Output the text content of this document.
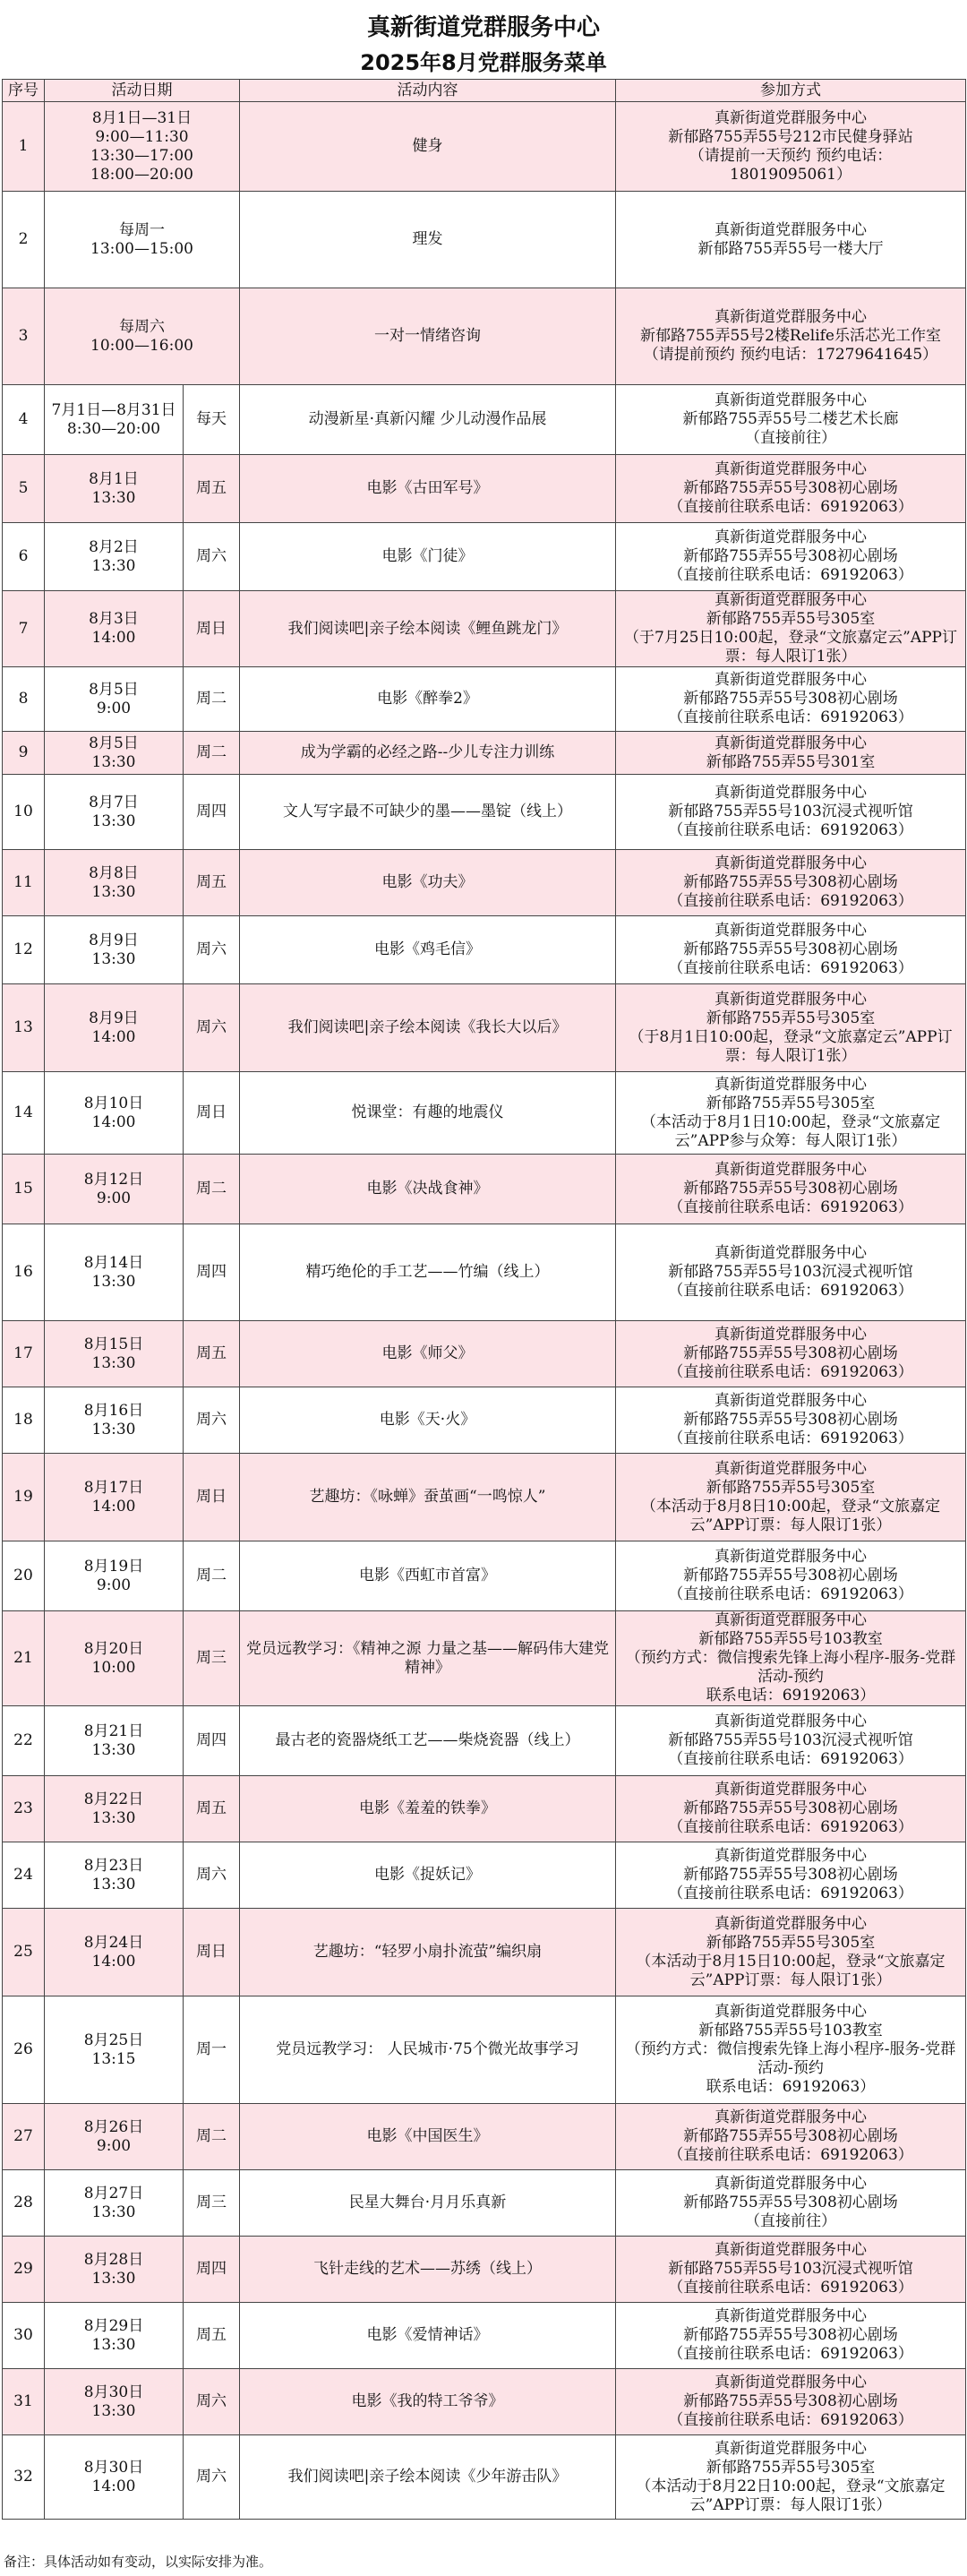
真新街道党群服务中心
2025年8月党群服务菜单
序号	活动日期		活动内容	参加方式
1	8月1日—31日
9:00—11:30
13:30—17:00
18:00—20:00		健身	真新街道党群服务中心
新郁路755弄55号212市民健身驿站
（请提前一天预约 预约电话：
18019095061）
2	每周一
13:00—15:00		理发	真新街道党群服务中心
新郁路755弄55号一楼大厅
3	每周六
10:00—16:00		一对一情绪咨询	真新街道党群服务中心
新郁路755弄55号2楼Relife乐活芯光工作室
（请提前预约 预约电话：17279641645）
4	7月1日—8月31日
8:30—20:00	每天	动漫新星·真新闪耀 少儿动漫作品展	真新街道党群服务中心
新郁路755弄55号二楼艺术长廊
（直接前往）
5	8月1日
13:30	周五	电影《古田军号》	真新街道党群服务中心
新郁路755弄55号308初心剧场
（直接前往联系电话：69192063）
6	8月2日
13:30	周六	电影《门徒》	真新街道党群服务中心
新郁路755弄55号308初心剧场
（直接前往联系电话：69192063）
7	8月3日
14:00	周日	我们阅读吧|亲子绘本阅读《鲤鱼跳龙门》	真新街道党群服务中心
新郁路755弄55号305室
（于7月25日10:00起，登录“文旅嘉定云”APP订票：每人限订1张）
8	8月5日
9:00	周二	电影《醉拳2》	真新街道党群服务中心
新郁路755弄55号308初心剧场
（直接前往联系电话：69192063）
9	8月5日
13:30	周二	成为学霸的必经之路--少儿专注力训练	真新街道党群服务中心
新郁路755弄55号301室
10	8月7日
13:30	周四	文人写字最不可缺少的墨——墨锭（线上）	真新街道党群服务中心
新郁路755弄55号103沉浸式视听馆
（直接前往联系电话：69192063）
11	8月8日
13:30	周五	电影《功夫》	真新街道党群服务中心
新郁路755弄55号308初心剧场
（直接前往联系电话：69192063）
12	8月9日
13:30	周六	电影《鸡毛信》	真新街道党群服务中心
新郁路755弄55号308初心剧场
（直接前往联系电话：69192063）
13	8月9日
14:00	周六	我们阅读吧|亲子绘本阅读《我长大以后》	真新街道党群服务中心
新郁路755弄55号305室
（于8月1日10:00起，登录“文旅嘉定云”APP订票：每人限订1张）
14	8月10日
14:00	周日	悦课堂：有趣的地震仪	真新街道党群服务中心
新郁路755弄55号305室
（本活动于8月1日10:00起，登录“文旅嘉定云”APP参与众筹：每人限订1张）
15	8月12日
9:00	周二	电影《决战食神》	真新街道党群服务中心
新郁路755弄55号308初心剧场
（直接前往联系电话：69192063）
16	8月14日
13:30	周四	精巧绝伦的手工艺——竹编（线上）	真新街道党群服务中心
新郁路755弄55号103沉浸式视听馆
（直接前往联系电话：69192063）
17	8月15日
13:30	周五	电影《师父》	真新街道党群服务中心
新郁路755弄55号308初心剧场
（直接前往联系电话：69192063）
18	8月16日
13:30	周六	电影《天·火》	真新街道党群服务中心
新郁路755弄55号308初心剧场
（直接前往联系电话：69192063）
19	8月17日
14:00	周日	艺趣坊：《咏蝉》蚕茧画“一鸣惊人”	真新街道党群服务中心
新郁路755弄55号305室
（本活动于8月8日10:00起，登录“文旅嘉定云”APP订票：每人限订1张）
20	8月19日
9:00	周二	电影《西虹市首富》	真新街道党群服务中心
新郁路755弄55号308初心剧场
（直接前往联系电话：69192063）
21	8月20日
10:00	周三	党员远教学习：《精神之源 力量之基——解码伟大建党精神》	真新街道党群服务中心
新郁路755弄55号103教室
（预约方式：微信搜索先锋上海小程序-服务-党群活动-预约
联系电话：69192063）
22	8月21日
13:30	周四	最古老的瓷器烧纸工艺——柴烧瓷器（线上）	真新街道党群服务中心
新郁路755弄55号103沉浸式视听馆
（直接前往联系电话：69192063）
23	8月22日
13:30	周五	电影《羞羞的铁拳》	真新街道党群服务中心
新郁路755弄55号308初心剧场
（直接前往联系电话：69192063）
24	8月23日
13:30	周六	电影《捉妖记》	真新街道党群服务中心
新郁路755弄55号308初心剧场
（直接前往联系电话：69192063）
25	8月24日
14:00	周日	艺趣坊：“轻罗小扇扑流萤”编织扇	真新街道党群服务中心
新郁路755弄55号305室
（本活动于8月15日10:00起，登录“文旅嘉定云”APP订票：每人限订1张）
26	8月25日
13:15	周一	党员远教学习： 人民城市·75个微光故事学习	真新街道党群服务中心
新郁路755弄55号103教室
（预约方式：微信搜索先锋上海小程序-服务-党群活动-预约
联系电话：69192063）
27	8月26日
9:00	周二	电影《中国医生》	真新街道党群服务中心
新郁路755弄55号308初心剧场
（直接前往联系电话：69192063）
28	8月27日
13:30	周三	民星大舞台·月月乐真新	真新街道党群服务中心
新郁路755弄55号308初心剧场
（直接前往）
29	8月28日
13:30	周四	飞针走线的艺术——苏绣（线上）	真新街道党群服务中心
新郁路755弄55号103沉浸式视听馆
（直接前往联系电话：69192063）
30	8月29日
13:30	周五	电影《爱情神话》	真新街道党群服务中心
新郁路755弄55号308初心剧场
（直接前往联系电话：69192063）
31	8月30日
13:30	周六	电影《我的特工爷爷》	真新街道党群服务中心
新郁路755弄55号308初心剧场
（直接前往联系电话：69192063）
32	8月30日
14:00	周六	我们阅读吧|亲子绘本阅读《少年游击队》	真新街道党群服务中心
新郁路755弄55号305室
（本活动于8月22日10:00起，登录“文旅嘉定云”APP订票：每人限订1张）
备注：具体活动如有变动，以实际安排为准。
